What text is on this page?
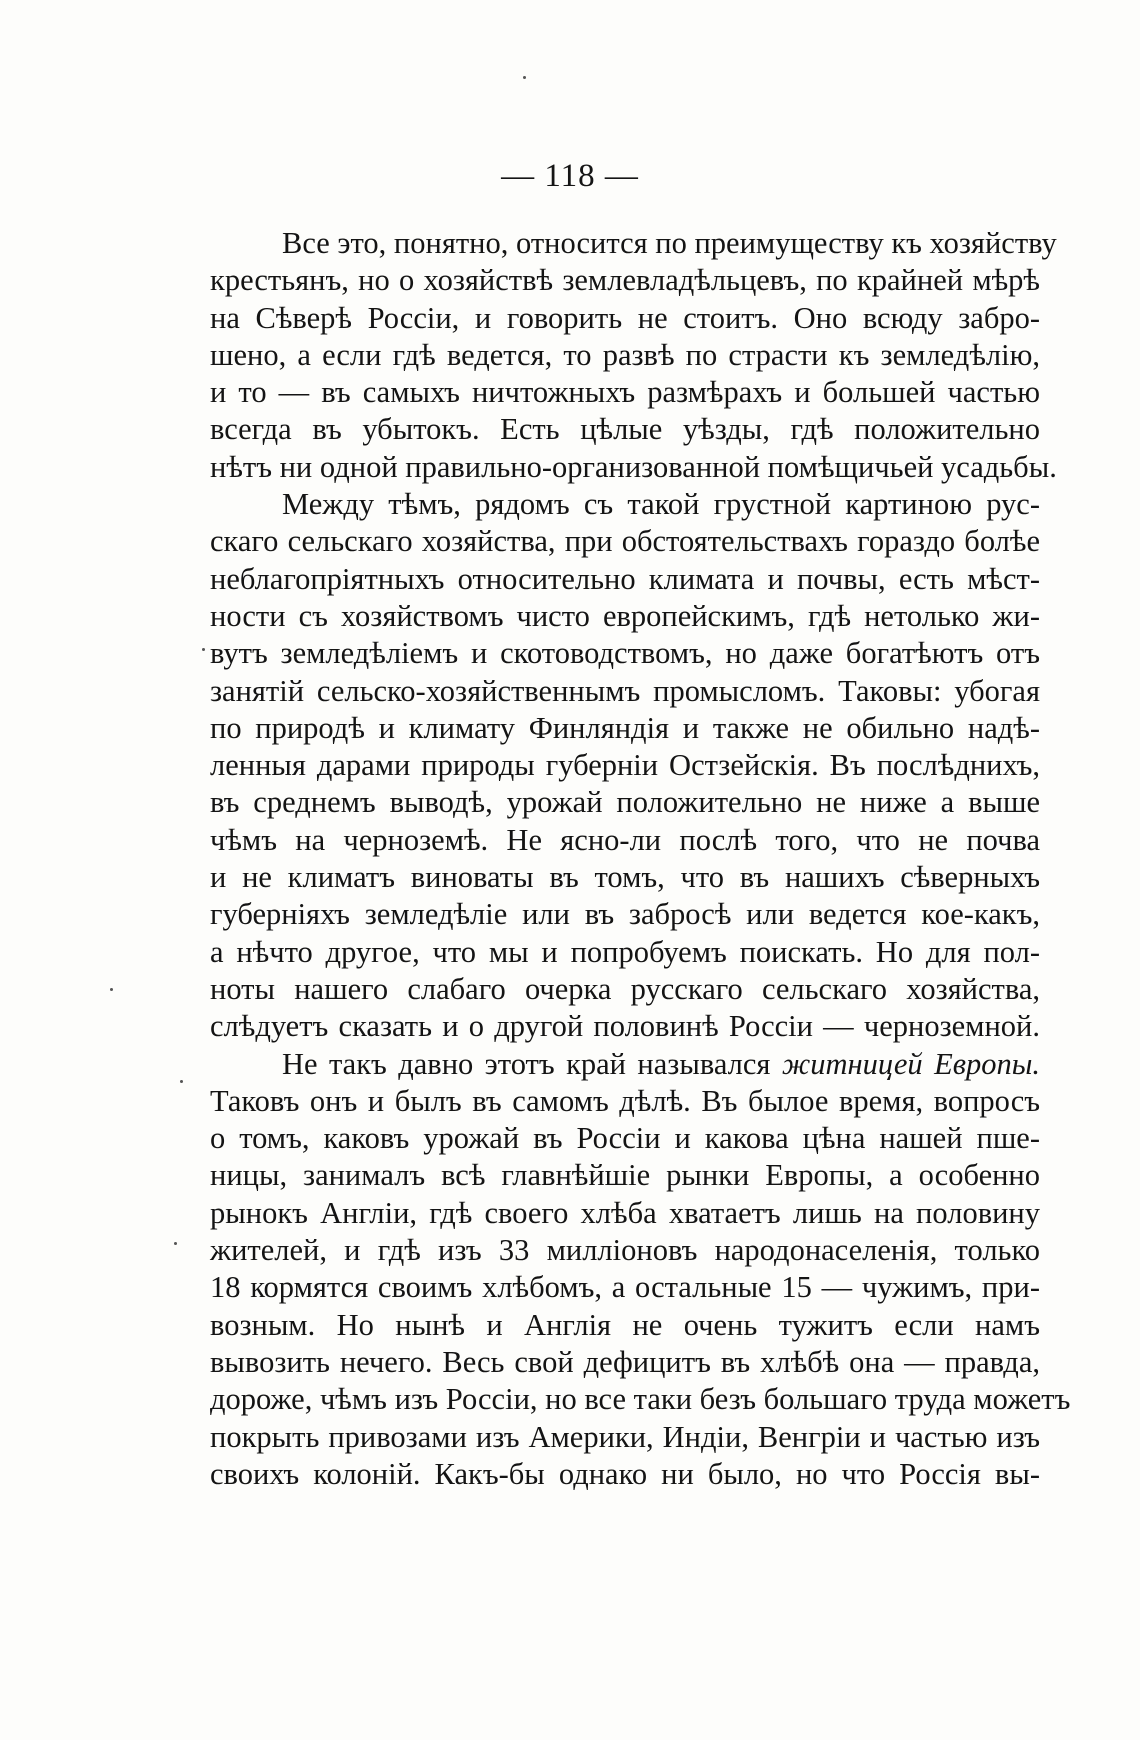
— 118 —
Все это, понятно, относится по преимуществу къ хозяйству
крестьянъ, но о хозяйствѣ землевладѣльцевъ, по крайней мѣрѣ
на Сѣверѣ Россіи, и говорить не стоитъ. Оно всюду забро-
шено, а если гдѣ ведется, то развѣ по страсти къ земледѣлію,
и то — въ самыхъ ничтожныхъ размѣрахъ и большей частью
всегда въ убытокъ. Есть цѣлые уѣзды, гдѣ положительно
нѣтъ ни одной правильно-организованной помѣщичьей усадьбы.
Между тѣмъ, рядомъ съ такой грустной картиною рус-
скаго сельскаго хозяйства, при обстоятельствахъ гораздо болѣе
неблагопріятныхъ относительно климата и почвы, есть мѣст-
ности съ хозяйствомъ чисто европейскимъ, гдѣ нетолько жи-
вутъ земледѣліемъ и скотоводствомъ, но даже богатѣютъ отъ
занятій сельско-хозяйственнымъ промысломъ. Таковы: убогая
по природѣ и климату Финляндія и также не обильно надѣ-
ленныя дарами природы губерніи Остзейскія. Въ послѣднихъ,
въ среднемъ выводѣ, урожай положительно не ниже а выше
чѣмъ на черноземѣ. Не ясно-ли послѣ того, что не почва
и не климатъ виноваты въ томъ, что въ нашихъ сѣверныхъ
губерніяхъ земледѣліе или въ забросѣ или ведется кое-какъ,
а нѣчто другое, что мы и попробуемъ поискать. Но для пол-
ноты нашего слабаго очерка русскаго сельскаго хозяйства,
слѣдуетъ сказать и о другой половинѣ Россіи — черноземной.
Не такъ давно этотъ край назывался житницей Европы.
Таковъ онъ и былъ въ самомъ дѣлѣ. Въ былое время, вопросъ
о томъ, каковъ урожай въ Россіи и какова цѣна нашей пше-
ницы, занималъ всѣ главнѣйшіе рынки Европы, а особенно
рынокъ Англіи, гдѣ своего хлѣба хватаетъ лишь на половину
жителей, и гдѣ изъ 33 милліоновъ народонаселенія, только
18 кормятся своимъ хлѣбомъ, а остальные 15 — чужимъ, при-
возным. Но нынѣ и Англія не очень тужитъ если намъ
вывозить нечего. Весь свой дефицитъ въ хлѣбѣ она — правда,
дороже, чѣмъ изъ Россіи, но все таки безъ большаго труда можетъ
покрыть привозами изъ Америки, Индіи, Венгріи и частью изъ
своихъ колоній. Какъ-бы однако ни было, но что Россія вы-
